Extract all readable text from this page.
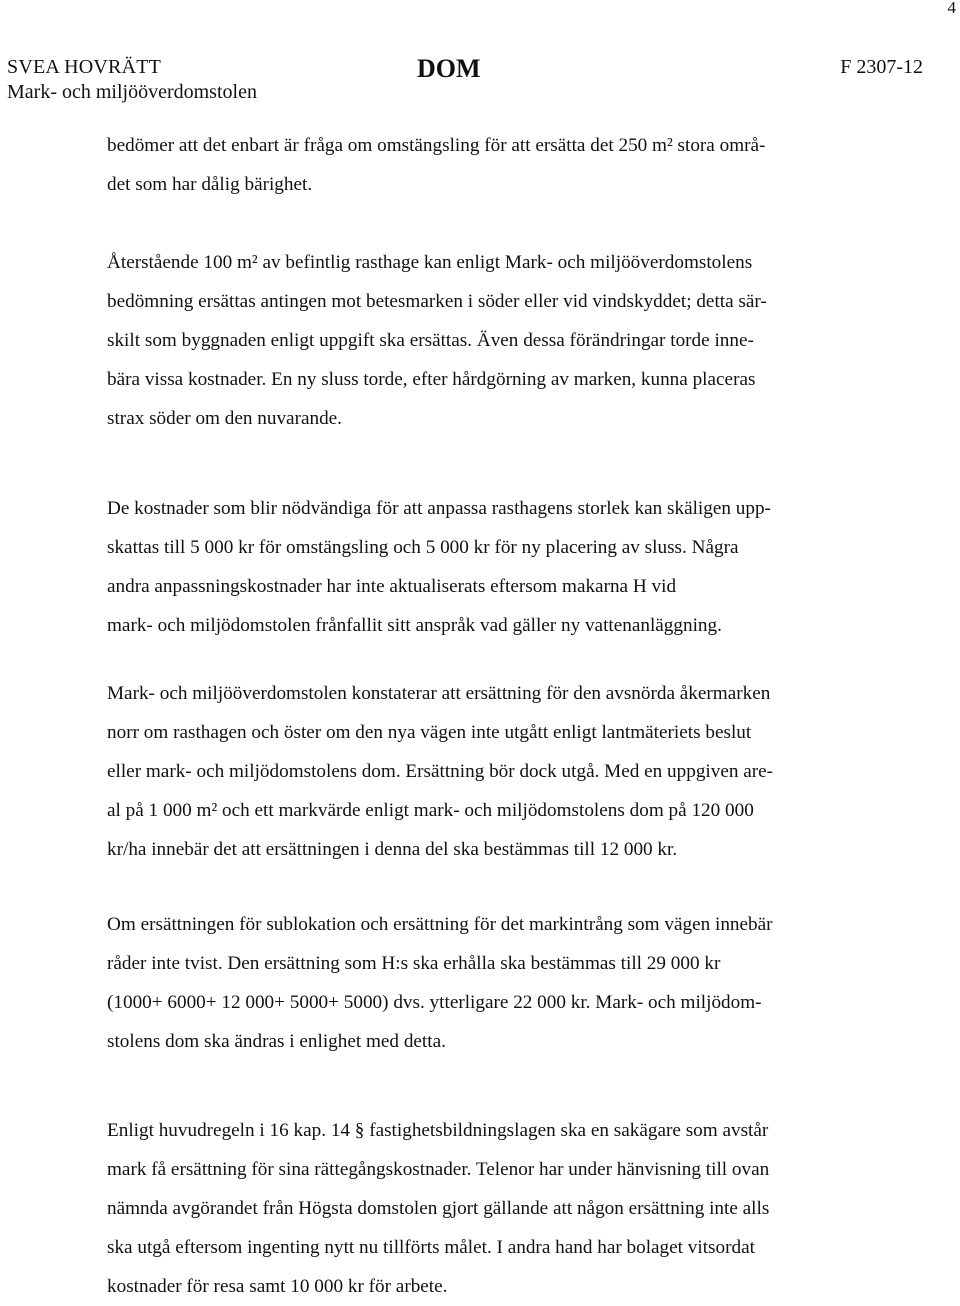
4
SVEA HOVRÄTT
Mark- och miljööverdomstolen
DOM	F 2307-12

bedömer att det enbart är fråga om omstängsling för att ersätta det 250 m² stora områ-
det som har dålig bärighet.

Återstående 100 m² av befintlig rasthage kan enligt Mark- och miljööverdomstolens
bedömning ersättas antingen mot betesmarken i söder eller vid vindskyddet; detta sär-
skilt som byggnaden enligt uppgift ska ersättas. Även dessa förändringar torde inne-
bära vissa kostnader. En ny sluss torde, efter hårdgörning av marken, kunna placeras
strax söder om den nuvarande.

De kostnader som blir nödvändiga för att anpassa rasthagens storlek kan skäligen upp-
skattas till 5 000 kr för omstängsling och 5 000 kr för ny placering av sluss. Några
andra anpassningskostnader har inte aktualiserats eftersom makarna H vid
mark- och miljödomstolen frånfallit sitt anspråk vad gäller ny vattenanläggning.

Mark- och miljööverdomstolen konstaterar att ersättning för den avsnörda åkermarken
norr om rasthagen och öster om den nya vägen inte utgått enligt lantmäteriets beslut
eller mark- och miljödomstolens dom. Ersättning bör dock utgå. Med en uppgiven are-
al på 1 000 m² och ett markvärde enligt mark- och miljödomstolens dom på 120 000
kr/ha innebär det att ersättningen i denna del ska bestämmas till 12 000 kr.

Om ersättningen för sublokation och ersättning för det markintrång som vägen innebär
råder inte tvist. Den ersättning som H:s ska erhålla ska bestämmas till 29 000 kr
(1000+ 6000+ 12 000+ 5000+ 5000) dvs. ytterligare 22 000 kr. Mark- och miljödom-
stolens dom ska ändras i enlighet med detta.

Enligt huvudregeln i 16 kap. 14 § fastighetsbildningslagen ska en sakägare som avstår
mark få ersättning för sina rättegångskostnader. Telenor har under hänvisning till ovan
nämnda avgörandet från Högsta domstolen gjort gällande att någon ersättning inte alls
ska utgå eftersom ingenting nytt nu tillförts målet. I andra hand har bolaget vitsordat
kostnader för resa samt 10 000 kr för arbete.
